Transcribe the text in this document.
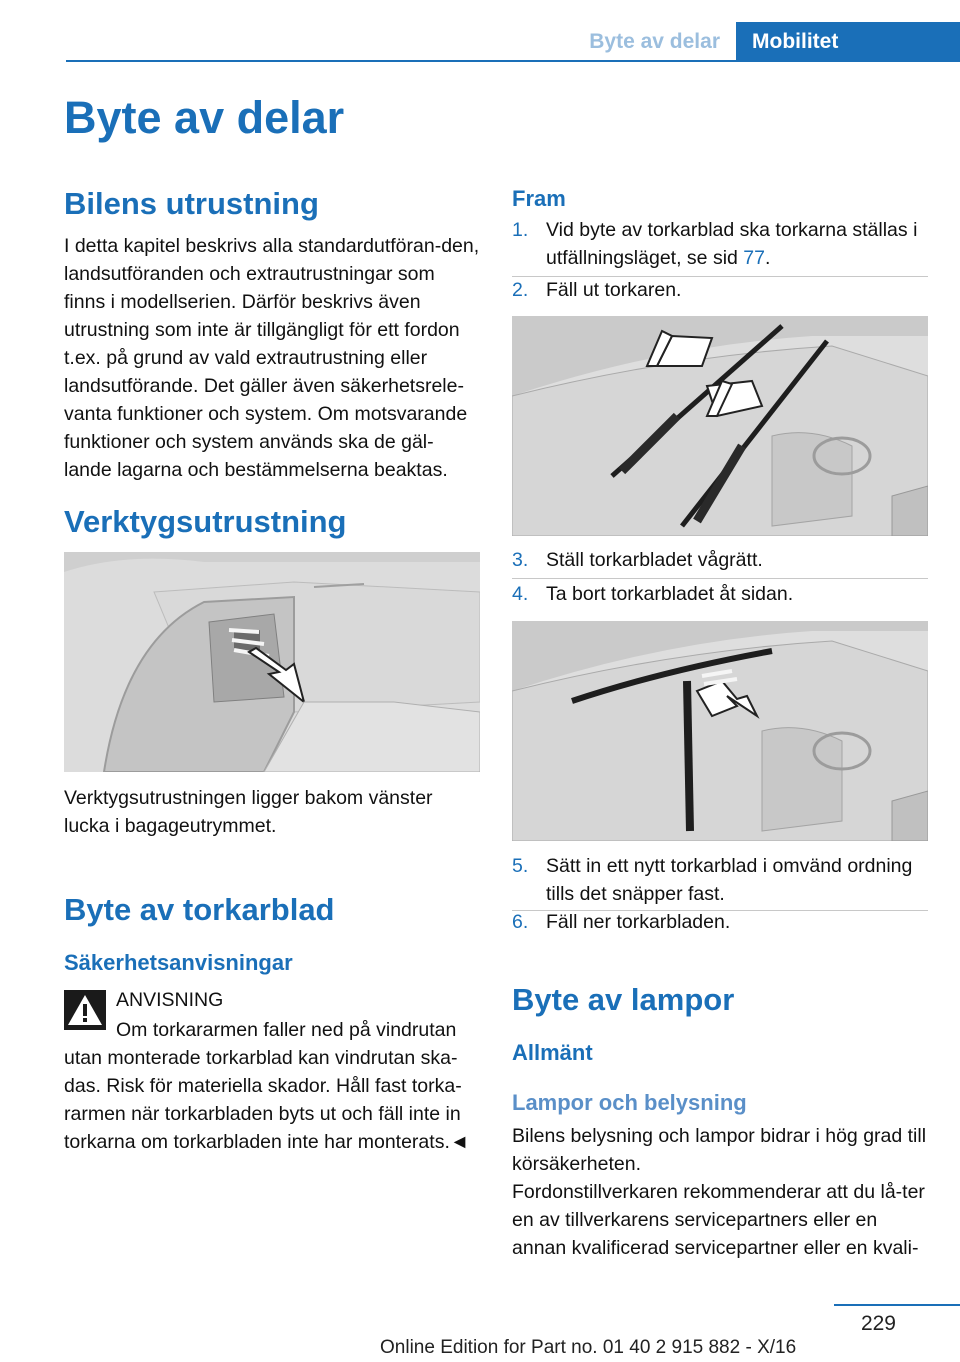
Byte av delar	Mobilitet
Byte av delar
Bilens utrustning

I detta kapitel beskrivs alla standardutföran-den, landsutföranden och extrautrustningar som finns i modellserien. Därför beskrivs även utrustning som inte är tillgängligt för ett fordon t.ex. på grund av vald extrautrustning eller landsutförande. Det gäller även säkerhetsrele-vanta funktioner och system. Om motsvarande funktioner och system används ska de gäl-lande lagarna och bestämmelserna beaktas.

Verktygsutrustning

Verktygsutrustningen ligger bakom vänster lucka i bagageutrymmet.

Byte av torkarblad
Säkerhetsanvisningar
ANVISNING

Om torkararmen faller ned på vindrutan utan monterade torkarblad kan vindrutan ska-das. Risk för materiella skador. Håll fast torka-rarmen när torkarbladen byts ut och fäll inte in torkarna om torkarbladen inte har monterats.◄

Fram
1. Vid byte av torkarblad ska torkarna ställas i utfällningsläget, se sid 77.
2. Fäll ut torkaren.
3. Ställ torkarbladet vågrätt.
4. Ta bort torkarbladet åt sidan.
5. Sätt in ett nytt torkarblad i omvänd ordning tills det snäpper fast.
6. Fäll ner torkarbladen.
Byte av lampor
Allmänt
Lampor och belysning

Bilens belysning och lampor bidrar i hög grad till körsäkerheten.

Fordonstillverkaren rekommenderar att du lå-ter en av tillverkarens servicepartners eller en annan kvalificerad servicepartner eller en kvali-

229
Online Edition for Part no. 01 40 2 915 882 - X/16
